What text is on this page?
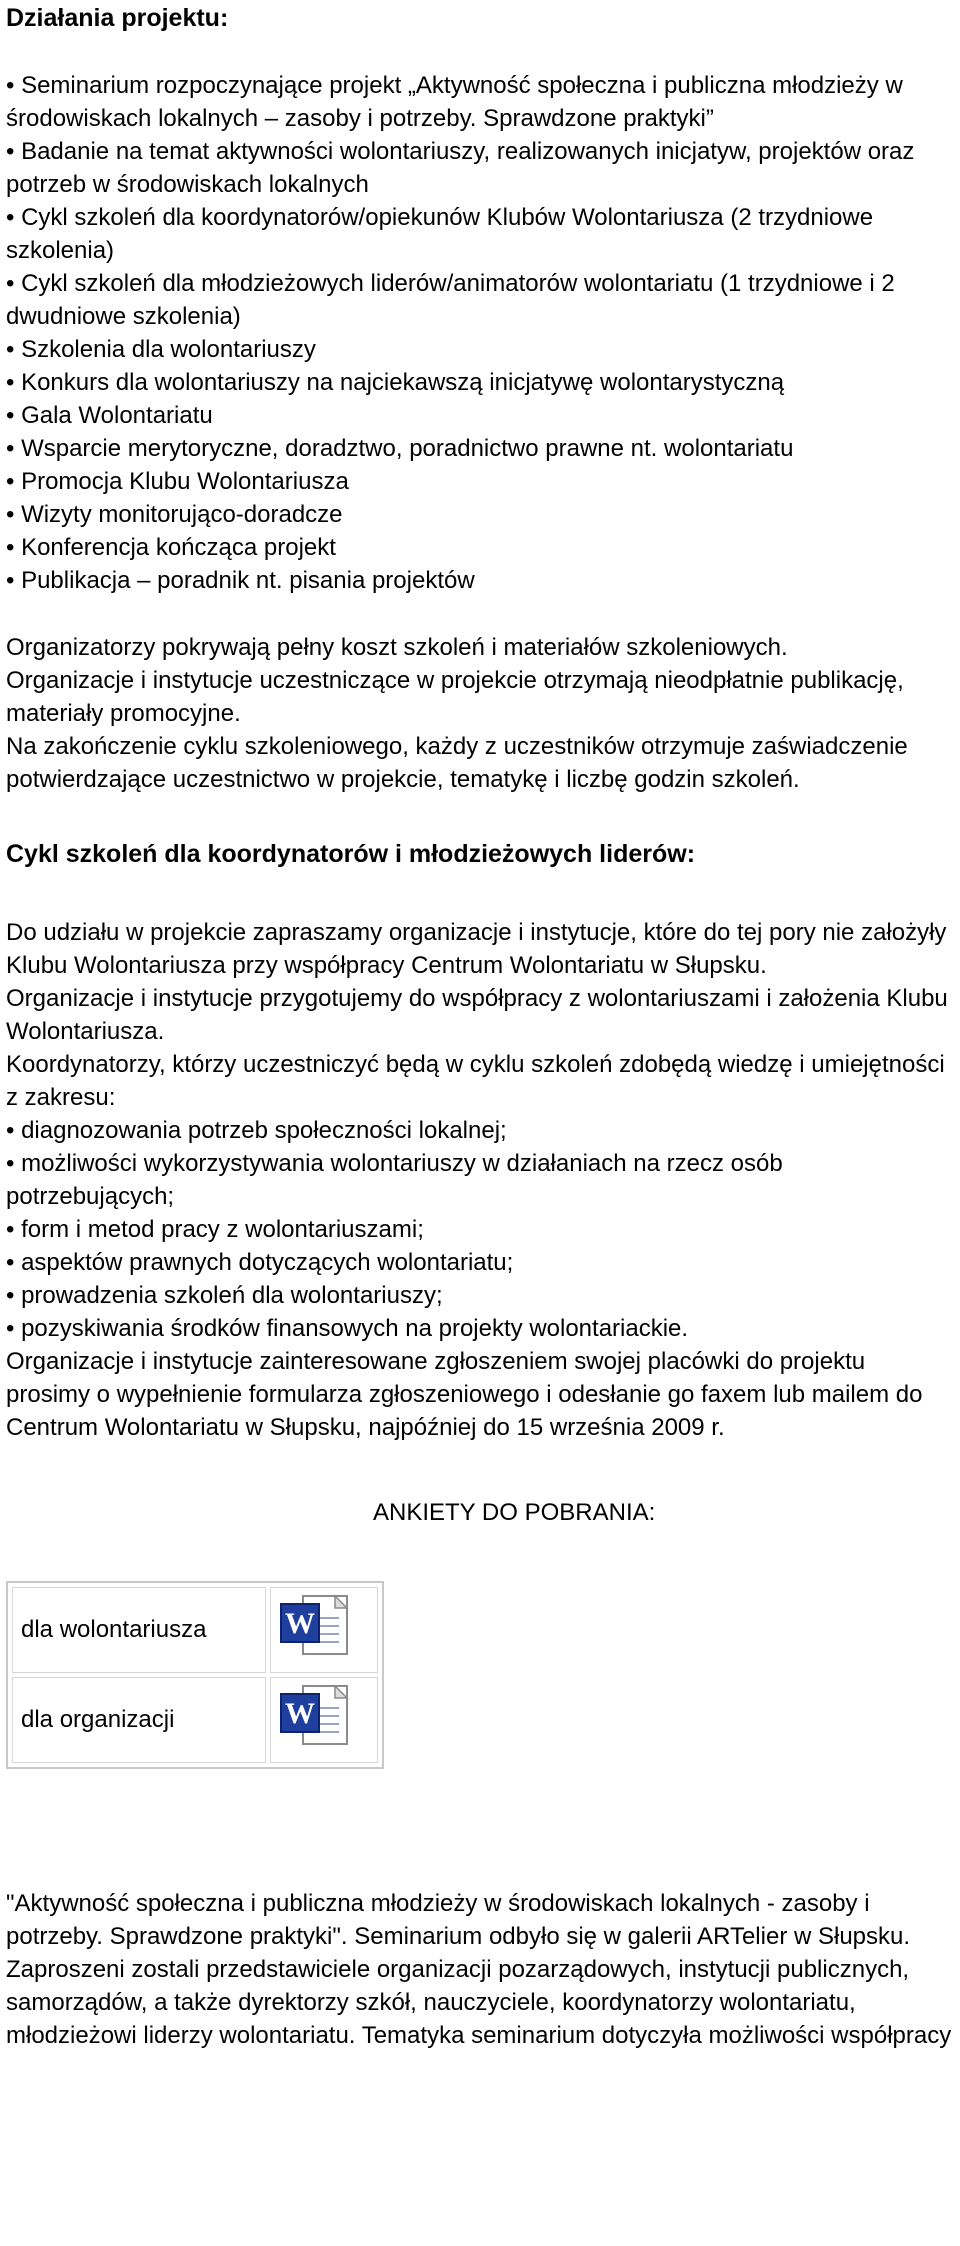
Działania projektu:

• Seminarium rozpoczynające projekt „Aktywność społeczna i publiczna młodzieży w środowiskach lokalnych – zasoby i potrzeby. Sprawdzone praktyki”

• Badanie na temat aktywności wolontariuszy, realizowanych inicjatyw, projektów oraz potrzeb w środowiskach lokalnych

• Cykl szkoleń dla koordynatorów/opiekunów Klubów Wolontariusza (2 trzydniowe szkolenia)

• Cykl szkoleń dla młodzieżowych liderów/animatorów wolontariatu (1 trzydniowe i 2 dwudniowe szkolenia)

• Szkolenia dla wolontariuszy

• Konkurs dla wolontariuszy na najciekawszą inicjatywę wolontarystyczną

• Gala Wolontariatu

• Wsparcie merytoryczne, doradztwo, poradnictwo prawne nt. wolontariatu

• Promocja Klubu Wolontariusza

• Wizyty monitorująco-doradcze

• Konferencja kończąca projekt

• Publikacja – poradnik nt. pisania projektów

Organizatorzy pokrywają pełny koszt szkoleń i materiałów szkoleniowych.

Organizacje i instytucje uczestniczące w projekcie otrzymają nieodpłatnie publikację, materiały promocyjne.

Na zakończenie cyklu szkoleniowego, każdy z uczestników otrzymuje zaświadczenie potwierdzające uczestnictwo w projekcie, tematykę i liczbę godzin szkoleń.

Cykl szkoleń dla koordynatorów i młodzieżowych liderów:

Do udziału w projekcie zapraszamy organizacje i instytucje, które do tej pory nie założyły Klubu Wolontariusza przy współpracy Centrum Wolontariatu w Słupsku.

Organizacje i instytucje przygotujemy do współpracy z wolontariuszami i założenia Klubu Wolontariusza.

Koordynatorzy, którzy uczestniczyć będą w cyklu szkoleń zdobędą wiedzę i umiejętności z zakresu:

• diagnozowania potrzeb społeczności lokalnej;

• możliwości wykorzystywania wolontariuszy w działaniach na rzecz osób potrzebujących;

• form i metod pracy z wolontariuszami;

• aspektów prawnych dotyczących wolontariatu;

• prowadzenia szkoleń dla wolontariuszy;

• pozyskiwania środków finansowych na projekty wolontariackie.

Organizacje i instytucje zainteresowane zgłoszeniem swojej placówki do projektu prosimy o wypełnienie formularza zgłoszeniowego i odesłanie go faxem lub mailem do Centrum Wolontariatu w Słupsku, najpóźniej do 15 września 2009 r.

ANKIETY DO POBRANIA:
dla wolontariusza	W

dla organizacji	W
"Aktywność społeczna i publiczna młodzieży w środowiskach lokalnych - zasoby i potrzeby. Sprawdzone praktyki". Seminarium odbyło się w galerii ARTelier w Słupsku. Zaproszeni zostali przedstawiciele organizacji pozarządowych, instytucji publicznych, samorządów, a także dyrektorzy szkół, nauczyciele, koordynatorzy wolontariatu, młodzieżowi liderzy wolontariatu. Tematyka seminarium dotyczyła możliwości współpracy
